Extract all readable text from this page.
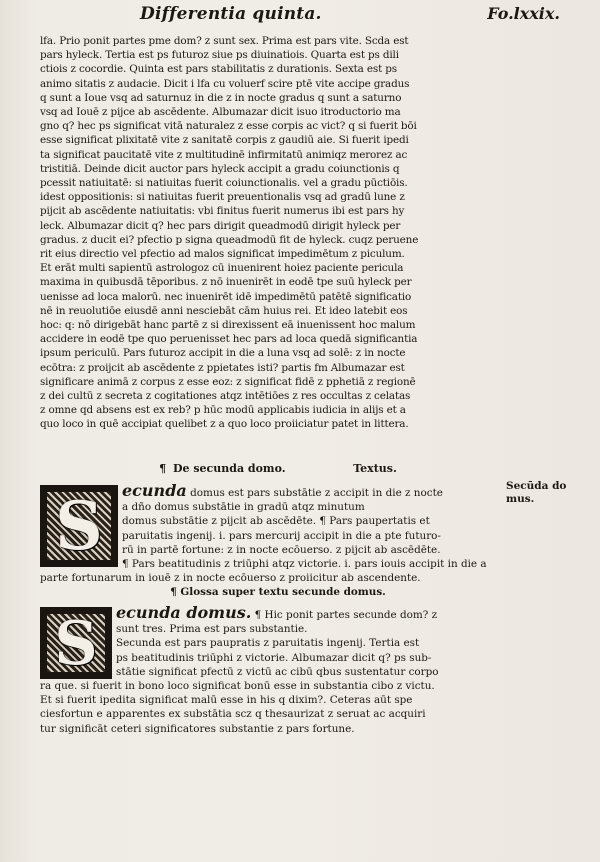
Differentia quinta.	Fo.lxxix.
lfa. Prio ponit partes pme dom? z sunt sex. Prima est pars vite. Scda est
pars hyleck. Tertia est ps futuroz siue ps diuinatiois. Quarta est ps dili
ctiois z cocordie. Quinta est pars stabilitatis z durationis. Sexta est ps
animo sitatis z audacie. Dicit i lfa cu voluerf scire ptē vite accipe gradus
q sunt a Ioue vsq ad saturnuz in die z in nocte gradus q sunt a saturno
vsq ad Iouē z pijce ab ascēdente. Albumazar dicit isuo itroductorio ma
gno q? hec ps significat vitā naturalez z esse corpis ac vict? q si fuerit bōi
esse significat plixitatē vite z sanitatē corpis z gaudiū aie. Si fuerit ipedi
ta significat paucitatē vite z multitudinē infirmitatū animiqz merorez ac
tristitiā. Deinde dicit auctor pars hyleck accipit a gradu coiunctionis q
pcessit natiuitatē: si natiuitas fuerit coiunctionalis. vel a gradu pūctiōis.
idest oppositionis: si natiuitas fuerit preuentionalis vsq ad gradū lune z
pijcit ab ascēdente natiuitatis: vbi finitus fuerit numerus ibi est pars hy
leck. Albumazar dicit q? hec pars dirigit queadmodū dirigit hyleck per
gradus. z ducit ei? pfectio p signa queadmodū fit de hyleck. cuqz peruene
rit eius directio vel pfectio ad malos significat impedimētum z piculum.
Et erāt multi sapientū astrologoz cū inuenirent hoiez paciente pericula
maxima in quibusdā tēporibus. z nō inuenirēt in eodē tpe suū hyleck per
uenisse ad loca malorū. nec inuenirēt idē impedimētū patētē significatio
nē in reuolutiōe eiusdē anni nesciebāt cām huius rei. Et ideo latebit eos
hoc: q: nō dirigebāt hanc partē z si direxissent eā inuenissent hoc malum
accidere in eodē tpe quo peruenisset hec pars ad loca quedā significantia
ipsum periculū. Pars futuroz accipit in die a luna vsq ad solē: z in nocte
ecōtra: z proijcit ab ascēdente z ppietates isti? partis fm Albumazar est
significare animā z corpus z esse eoz: z significat fidē z pphetiā z regionē
z dei cultū z secreta z cogitationes atqz intētiōes z res occultas z celatas
z omne qd absens est ex reb? p hūc modū applicabis iudicia in alijs et a
quo loco in quē accipiat quelibet z a quo loco proiiciatur patet in littera.
¶ De secunda domo.	Textus.
Secūda do mus.
S	ecunda domus est pars substātie z accipit in die z nocte
a dño domus substātie in gradū atqz minutum
domus substātie z pijcit ab ascēdēte. ¶ Pars paupertatis et
paruitatis ingenij. i. pars mercurij accipit in die a pte futuro-
rū in partē fortune: z in nocte ecōuerso. z pijcit ab ascēdēte.
¶ Pars beatitudinis z triūphi atqz victorie. i. pars iouis accipit in die a
parte fortunarum in iouē z in nocte ecōuerso z proiicitur ab ascendente.
¶ Glossa super textu secunde domus.
S	ecunda domus. ¶ Hic ponit partes secunde dom? z
sunt tres. Prima est pars substantie.
Secunda est pars paupratis z paruitatis ingenij. Tertia est
ps beatitudinis triūphi z victorie. Albumazar dicit q? ps sub-
stātie significat pfectū z victū ac cibū qbus sustentatur corpo
ra que. si fuerit in bono loco significat bonū esse in substantia cibo z victu.
Et si fuerit ipedita significat malū esse in his q dixim?. Ceteras aūt spe
ciesfortun e apparentes ex substātia scz q thesaurizat z seruat ac acquiri
tur significāt ceteri significatores substantie z pars fortune.
